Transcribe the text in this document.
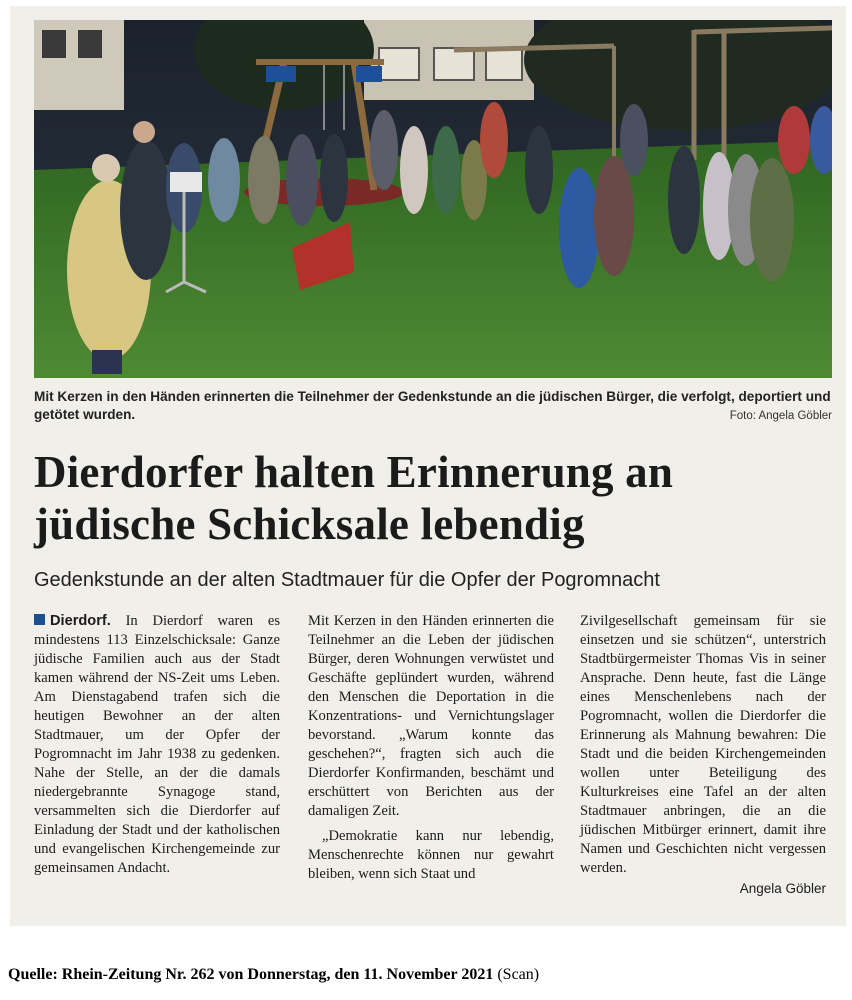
Mit Kerzen in den Händen erinnerten die Teilnehmer der Gedenkstunde an die jüdischen Bürger, die verfolgt, deportiert und getötet wurden.	Foto: Angela Göbler
Dierdorfer halten Erinnerung an
jüdische Schicksale lebendig
Gedenkstunde an der alten Stadtmauer für die Opfer der Pogromnacht

Dierdorf. In Dierdorf waren es mindestens 113 Einzelschicksale: Ganze jüdische Familien auch aus der Stadt kamen während der NS-Zeit ums Leben. Am Dienstagabend trafen sich die heutigen Bewohner an der alten Stadtmauer, um der Opfer der Pogromnacht im Jahr 1938 zu gedenken. Nahe der Stelle, an der die damals niedergebrannte Synagoge stand, versammelten sich die Dierdorfer auf Einladung der Stadt und der katholischen und evangelischen Kirchengemeinde zur gemeinsamen Andacht.

Mit Kerzen in den Händen erinnerten die Teilnehmer an die Leben der jüdischen Bürger, deren Wohnungen verwüstet und Geschäfte geplündert wurden, während den Menschen die Deportation in die Konzentrations- und Vernichtungslager bevorstand. „Warum konnte das geschehen?“, fragten sich auch die Dierdorfer Konfirmanden, beschämt und erschüttert von Berichten aus der damaligen Zeit.

„Demokratie kann nur lebendig, Menschenrechte können nur gewahrt bleiben, wenn sich Staat und

Zivilgesellschaft gemeinsam für sie einsetzen und sie schützen“, unterstrich Stadtbürgermeister Thomas Vis in seiner Ansprache. Denn heute, fast die Länge eines Menschenlebens nach der Pogromnacht, wollen die Dierdorfer die Erinnerung als Mahnung bewahren: Die Stadt und die beiden Kirchengemeinden wollen unter Beteiligung des Kulturkreises eine Tafel an der alten Stadtmauer anbringen, die an die jüdischen Mitbürger erinnert, damit ihre Namen und Geschichten nicht vergessen werden.

Angela Göbler
Quelle: Rhein-Zeitung Nr. 262 von Donnerstag, den 11. November 2021 (Scan)
